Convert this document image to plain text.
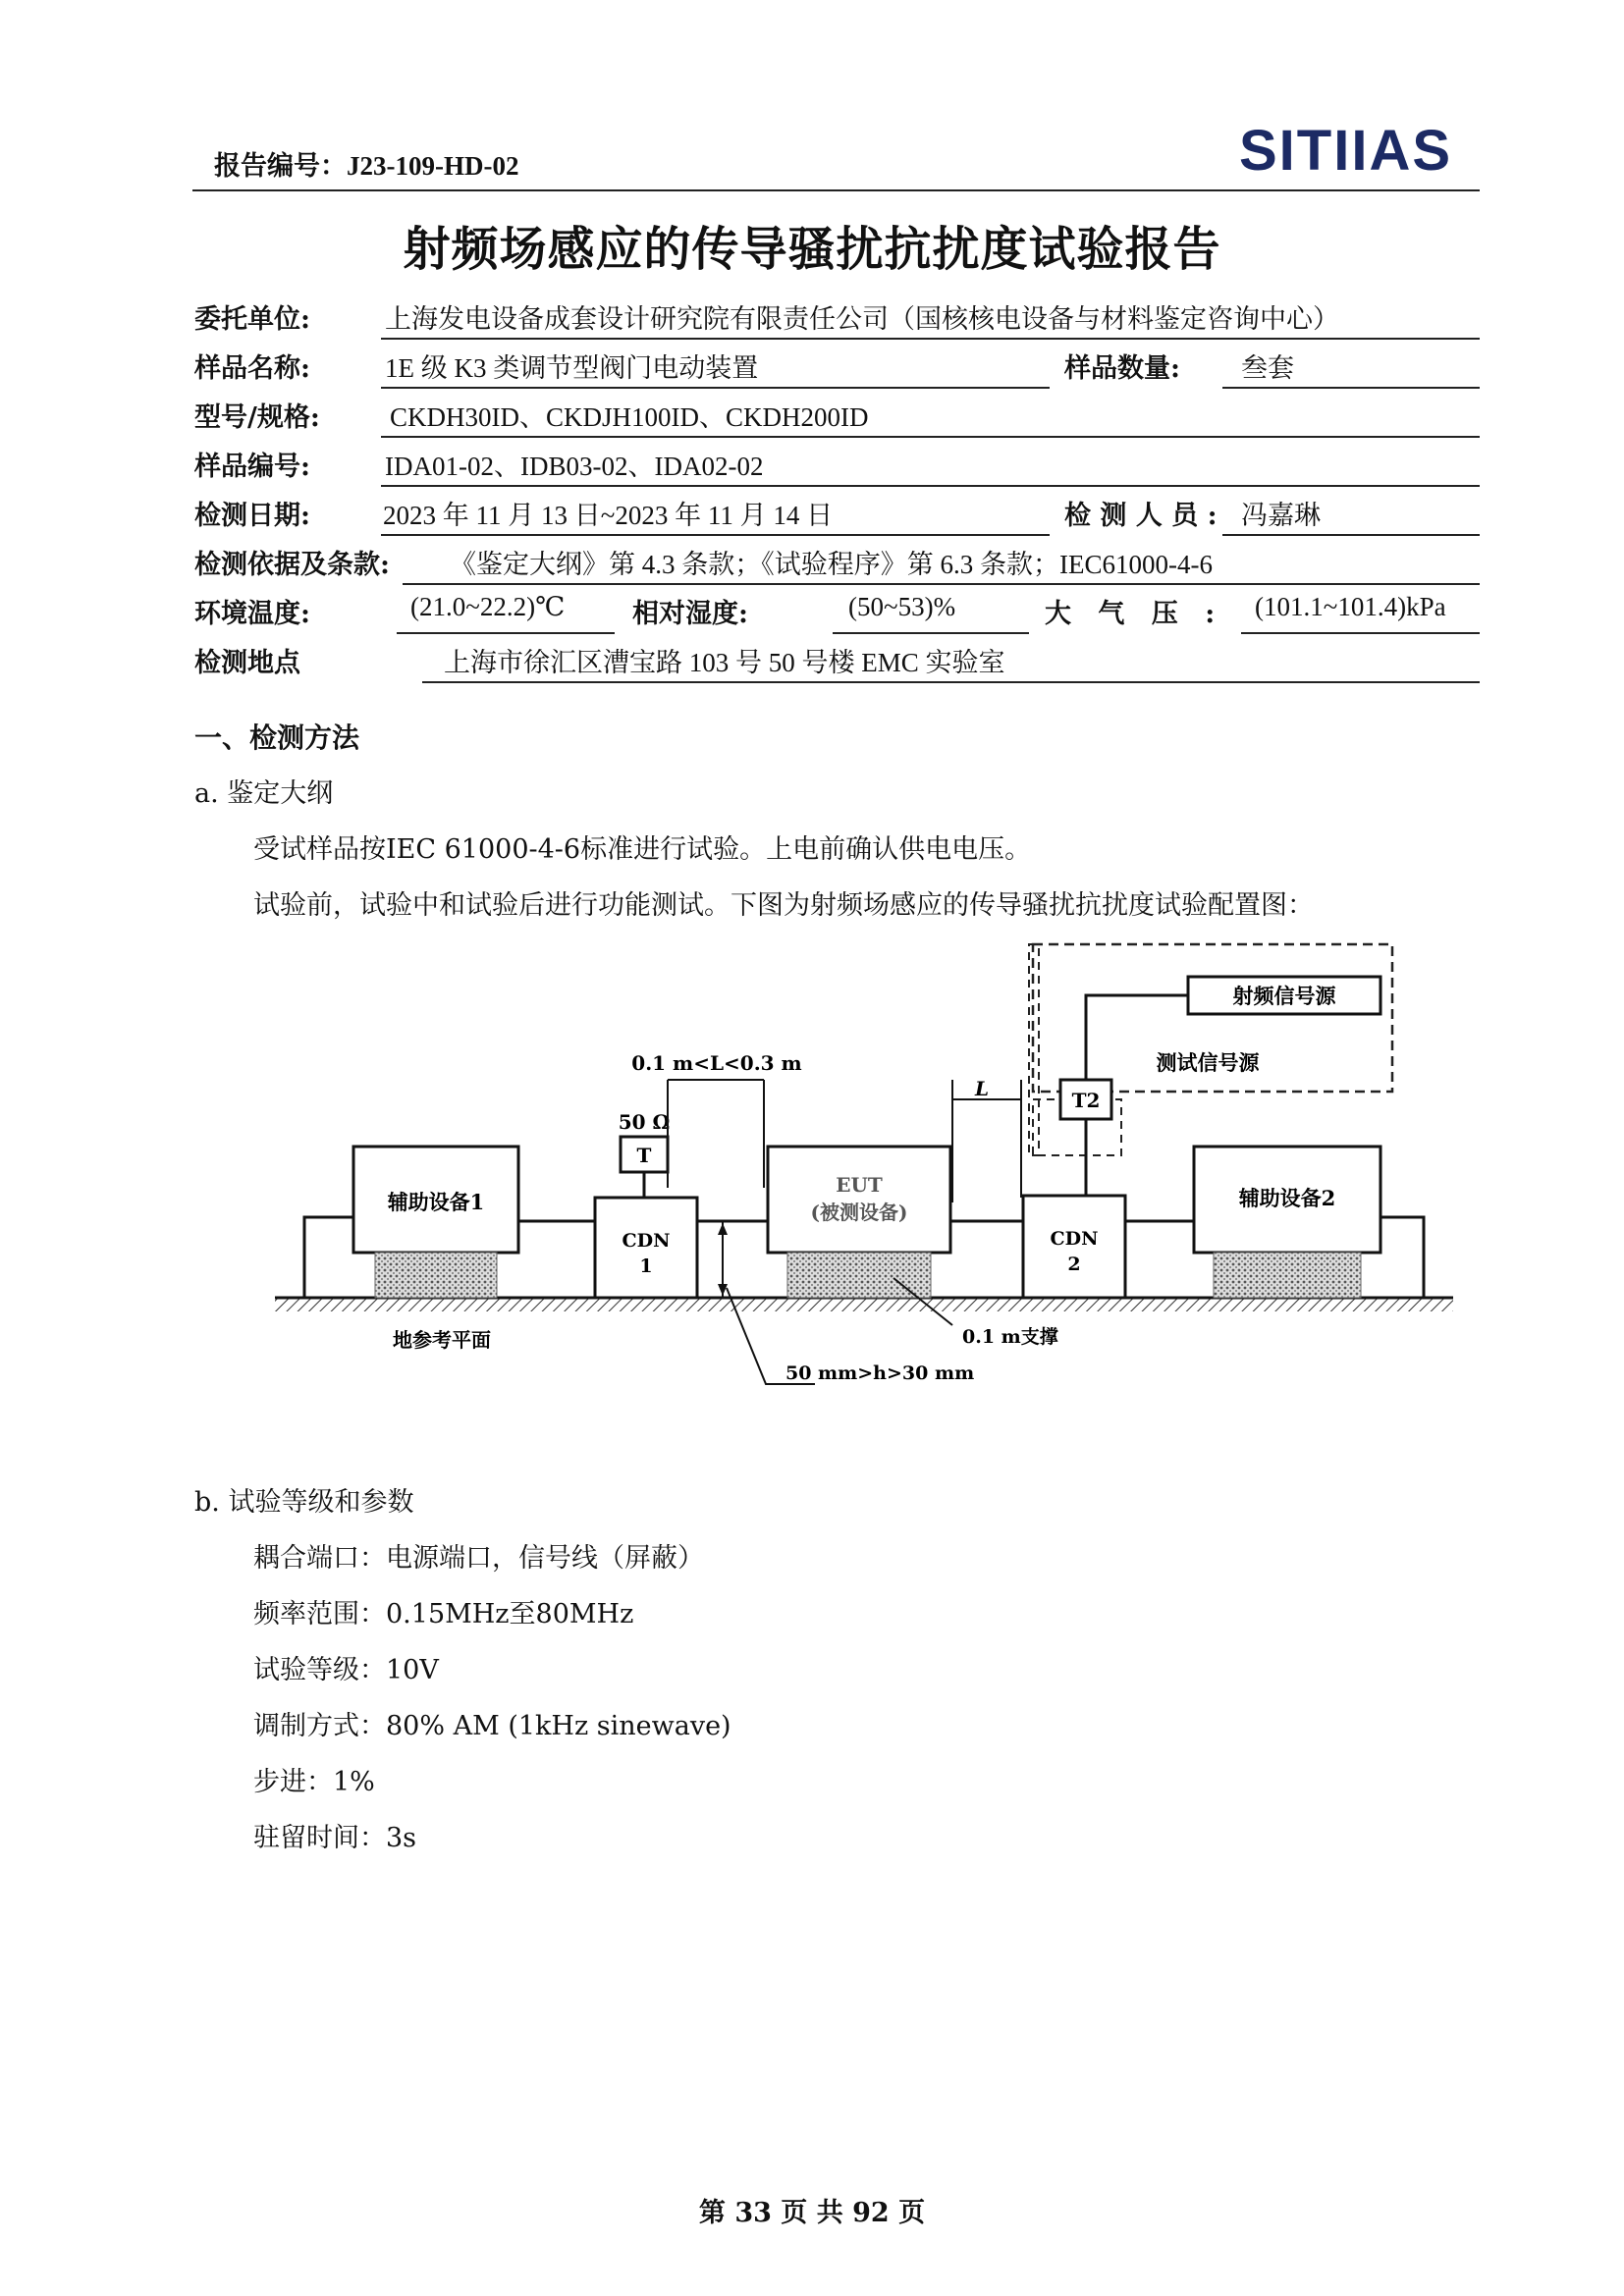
报告编号：J23-109-HD-02	SITIIAS
射频场感应的传导骚扰抗扰度试验报告
委托单位:	上海发电设备成套设计研究院有限责任公司（国核核电设备与材料鉴定咨询中心）
样品名称:	1E 级 K3 类调节型阀门电动装置	样品数量: 叁套
型号/规格:	CKDH30ID、CKDJH100ID、CKDH200ID
样品编号:	IDA01-02、IDB03-02、IDA02-02
检测日期:	2023 年 11 月 13 日~2023 年 11 月 14 日	检 测 人 员 : 冯嘉琳
检测依据及条款: 《鉴定大纲》第 4.3 条款；《试验程序》第 6.3 条款；IEC61000-4-6
环境温度:	(21.0~22.2)℃	相对湿度:	(50~53)%	大 气 压 : (101.1~101.4)kPa
检测地点	上海市徐汇区漕宝路 103 号 50 号楼 EMC 实验室
一、检测方法
a. 鉴定大纲
受试样品按IEC 61000-4-6标准进行试验。上电前确认供电电压。
试验前，试验中和试验后进行功能测试。下图为射频场感应的传导骚扰抗扰度试验配置图：
射频信号源
测试信号源
T2
50 Ω
T
0.1 m<L<0.3 m
L
辅助设备1
CDN
1
EUT
(被测设备)
CDN
2
辅助设备2
50 mm>h>30 mm
0.1 m支撑
地参考平面
b. 试验等级和参数
耦合端口：电源端口，信号线（屏蔽）
频率范围：0.15MHz至80MHz
试验等级：10V
调制方式：80% AM (1kHz sinewave)
步进：1%
驻留时间：3s
第 33 页 共 92 页
